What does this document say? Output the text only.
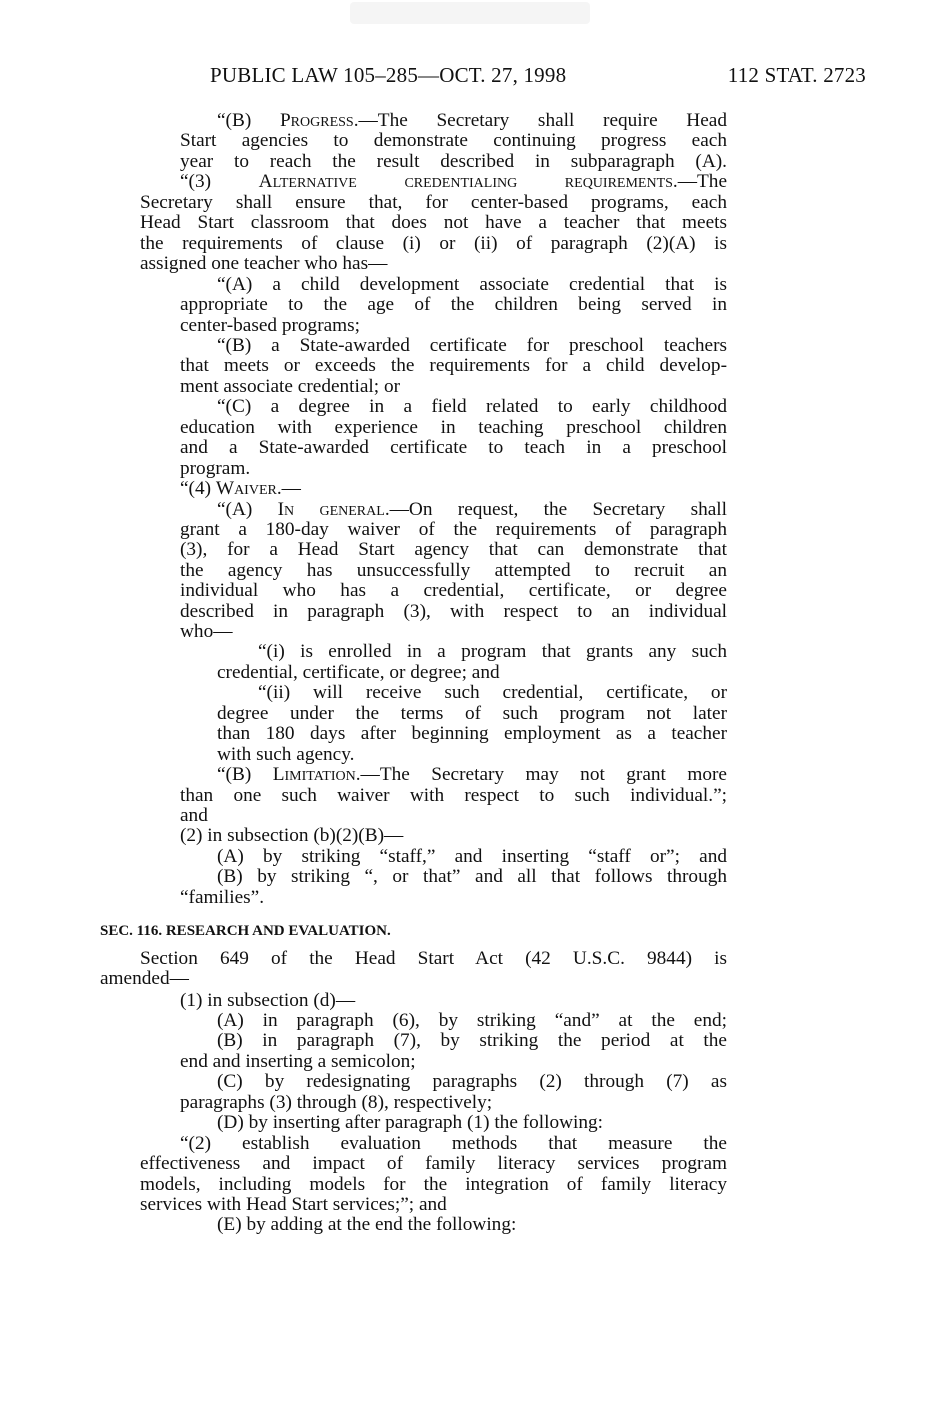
PUBLIC LAW 105–285—OCT. 27, 1998	112 STAT. 2723
“(B) Progress.—The Secretary shall require Head
Start agencies to demonstrate continuing progress each
year to reach the result described in subparagraph (A).
“(3) Alternative credentialing requirements.—The
Secretary shall ensure that, for center-based programs, each
Head Start classroom that does not have a teacher that meets
the requirements of clause (i) or (ii) of paragraph (2)(A) is
assigned one teacher who has—
“(A) a child development associate credential that is
appropriate to the age of the children being served in
center-based programs;
“(B) a State-awarded certificate for preschool teachers
that meets or exceeds the requirements for a child develop-
ment associate credential; or
“(C) a degree in a field related to early childhood
education with experience in teaching preschool children
and a State-awarded certificate to teach in a preschool
program.
“(4) Waiver.—
“(A) In general.—On request, the Secretary shall
grant a 180-day waiver of the requirements of paragraph
(3), for a Head Start agency that can demonstrate that
the agency has unsuccessfully attempted to recruit an
individual who has a credential, certificate, or degree
described in paragraph (3), with respect to an individual
who—
“(i) is enrolled in a program that grants any such
credential, certificate, or degree; and
“(ii) will receive such credential, certificate, or
degree under the terms of such program not later
than 180 days after beginning employment as a teacher
with such agency.
“(B) Limitation.—The Secretary may not grant more
than one such waiver with respect to such individual.”;
and
(2) in subsection (b)(2)(B)—
(A) by striking “staff,” and inserting “staff or”; and
(B) by striking “, or that” and all that follows through
“families”.
SEC. 116. RESEARCH AND EVALUATION.
Section 649 of the Head Start Act (42 U.S.C. 9844) is
amended—
(1) in subsection (d)—
(A) in paragraph (6), by striking “and” at the end;
(B) in paragraph (7), by striking the period at the
end and inserting a semicolon;
(C) by redesignating paragraphs (2) through (7) as
paragraphs (3) through (8), respectively;
(D) by inserting after paragraph (1) the following:
“(2) establish evaluation methods that measure the
effectiveness and impact of family literacy services program
models, including models for the integration of family literacy
services with Head Start services;”; and
(E) by adding at the end the following:
